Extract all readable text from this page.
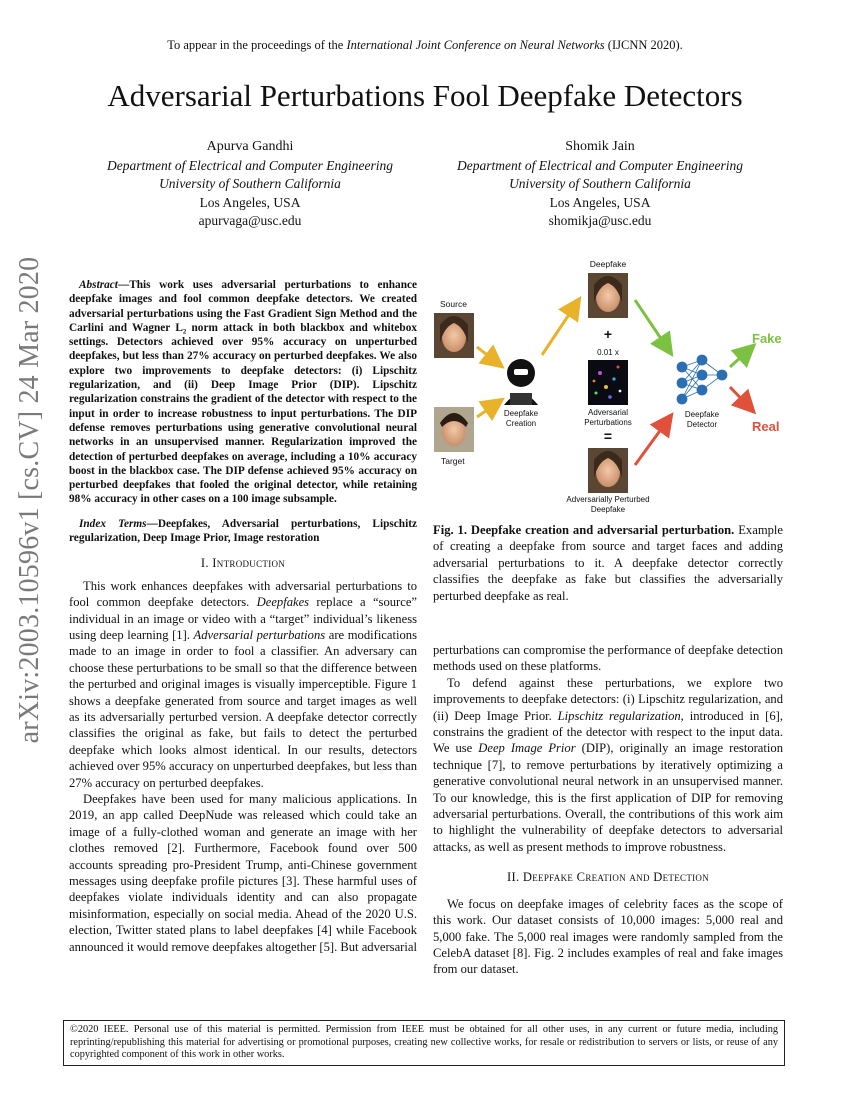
To appear in the proceedings of the International Joint Conference on Neural Networks (IJCNN 2020).
Adversarial Perturbations Fool Deepfake Detectors
Apurva Gandhi
Department of Electrical and Computer Engineering
University of Southern California
Los Angeles, USA
apurvaga@usc.edu
Shomik Jain
Department of Electrical and Computer Engineering
University of Southern California
Los Angeles, USA
shomikja@usc.edu
arXiv:2003.10596v1 [cs.CV] 24 Mar 2020	Abstract—This work uses adversarial perturbations to enhance deepfake images and fool common deepfake detectors. We created adversarial perturbations using the Fast Gradient Sign Method and the Carlini and Wagner L₂ norm attack in both blackbox and whitebox settings. Detectors achieved over 95% accuracy on unperturbed deepfakes, but less than 27% accuracy on perturbed deepfakes. We also explore two improvements to deepfake detectors: (i) Lipschitz regularization, and (ii) Deep Image Prior (DIP). Lipschitz regularization constrains the gradient of the detector with respect to the input in order to increase robustness to input perturbations. The DIP defense removes perturbations using generative convolutional neural networks in an unsupervised manner. Regularization improved the detection of perturbed deepfakes on average, including a 10% accuracy boost in the blackbox case. The DIP defense achieved 95% accuracy on perturbed deepfakes that fooled the original detector, while retaining 98% accuracy in other cases on a 100 image subsample.

Index Terms—Deepfakes, Adversarial perturbations, Lipschitz regularization, Deep Image Prior, Image restoration

I. Introduction

This work enhances deepfakes with adversarial perturbations to fool common deepfake detectors. Deepfakes replace a “source” individual in an image or video with a “target” individual’s likeness using deep learning [1]. Adversarial perturbations are modifications made to an image in order to fool a classifier. An adversary can choose these perturbations to be small so that the difference between the perturbed and original images is visually imperceptible. Figure 1 shows a deepfake generated from source and target images as well as its adversarially perturbed version. A deepfake detector correctly classifies the original as fake, but fails to detect the perturbed deepfake which looks almost identical. In our results, detectors achieved over 95% accuracy on unperturbed deepfakes, but less than 27% accuracy on perturbed deepfakes.

Deepfakes have been used for many malicious applications. In 2019, an app called DeepNude was released which could take an image of a fully-clothed woman and generate an image with her clothes removed [2]. Furthermore, Facebook found over 500 accounts spreading pro-President Trump, anti-Chinese government messages using deepfake profile pictures [3]. These harmful uses of deepfakes violate individuals identity and can also propagate misinformation, especially on social media. Ahead of the 2020 U.S. election, Twitter stated plans to label deepfakes [4] while Facebook announced it would remove deepfakes altogether [5]. But adversarial

Source
Target
Deepfake
Creation
Deepfake
+
0.01 x
Adversarial
Perturbations
=
Adversarially Perturbed
Deepfake
Deepfake
Detector
Fake
Real
Fig. 1. Deepfake creation and adversarial perturbation. Example of creating a deepfake from source and target faces and adding adversarial perturbations to it. A deepfake detector correctly classifies the deepfake as fake but classifies the adversarially perturbed deepfake as real.

perturbations can compromise the performance of deepfake detection methods used on these platforms.

To defend against these perturbations, we explore two improvements to deepfake detectors: (i) Lipschitz regularization, and (ii) Deep Image Prior. Lipschitz regularization, introduced in [6], constrains the gradient of the detector with respect to the input data. We use Deep Image Prior (DIP), originally an image restoration technique [7], to remove perturbations by iteratively optimizing a generative convolutional neural network in an unsupervised manner. To our knowledge, this is the first application of DIP for removing adversarial perturbations. Overall, the contributions of this work aim to highlight the vulnerability of deepfake detectors to adversarial attacks, as well as present methods to improve robustness.

II. Deepfake Creation and Detection

We focus on deepfake images of celebrity faces as the scope of this work. Our dataset consists of 10,000 images: 5,000 real and 5,000 fake. The 5,000 real images were randomly sampled from the CelebA dataset [8]. Fig. 2 includes examples of real and fake images from our dataset.

©2020 IEEE. Personal use of this material is permitted. Permission from IEEE must be obtained for all other uses, in any current or future media, including reprinting/republishing this material for advertising or promotional purposes, creating new collective works, for resale or redistribution to servers or lists, or reuse of any copyrighted component of this work in other works.
